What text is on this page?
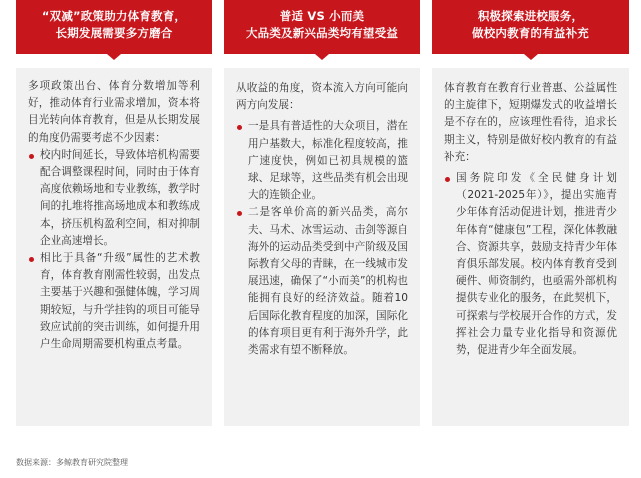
“双减”政策助力体育教育，
长期发展需要多方磨合

多项政策出台、体育分数增加等利好，推动体育行业需求增加，资本将目光转向体育教育，但是从长期发展的角度仍需要考虑不少因素：

校内时间延长，导致体培机构需要配合调整课程时间，同时由于体育高度依赖场地和专业教练，教学时间的扎堆将推高场地成本和教练成本，挤压机构盈利空间，相对抑制企业高速增长。
相比于具备“升级”属性的艺术教育，体育教育刚需性较弱，出发点主要基于兴趣和强健体魄，学习周期较短，与升学挂钩的项目可能导致应试前的突击训练，如何提升用户生命周期需要机构重点考量。
普适 VS 小而美
大品类及新兴品类均有望受益

从收益的角度，资本流入方向可能向两方向发展：

一是具有普适性的大众项目，潜在用户基数大，标准化程度较高，推广速度快，例如已初具规模的篮球、足球等，这些品类有机会出现大的连锁企业。
二是客单价高的新兴品类，高尔夫、马术、冰雪运动、击剑等源自海外的运动品类受到中产阶级及国际教育父母的青睐，在一线城市发展迅速，确保了“小而美”的机构也能拥有良好的经济效益。随着10后国际化教育程度的加深，国际化的体育项目更有利于海外升学，此类需求有望不断释放。
积极探索进校服务，
做校内教育的有益补充

体育教育在教育行业普惠、公益属性的主旋律下，短期爆发式的收益增长是不存在的，应该理性看待，追求长期主义，特别是做好校内教育的有益补充：

国务院印发《全民健身计划（2021-2025年）》，提出实施青少年体育活动促进计划，推进青少年体育“健康包”工程，深化体教融合、资源共享，鼓励支持青少年体育俱乐部发展。校内体育教育受到硬件、师资制约，也亟需外部机构提供专业化的服务，在此契机下，可探索与学校展开合作的方式，发挥社会力量专业化指导和资源优势，促进青少年全面发展。
数据来源：多鲸教育研究院整理
